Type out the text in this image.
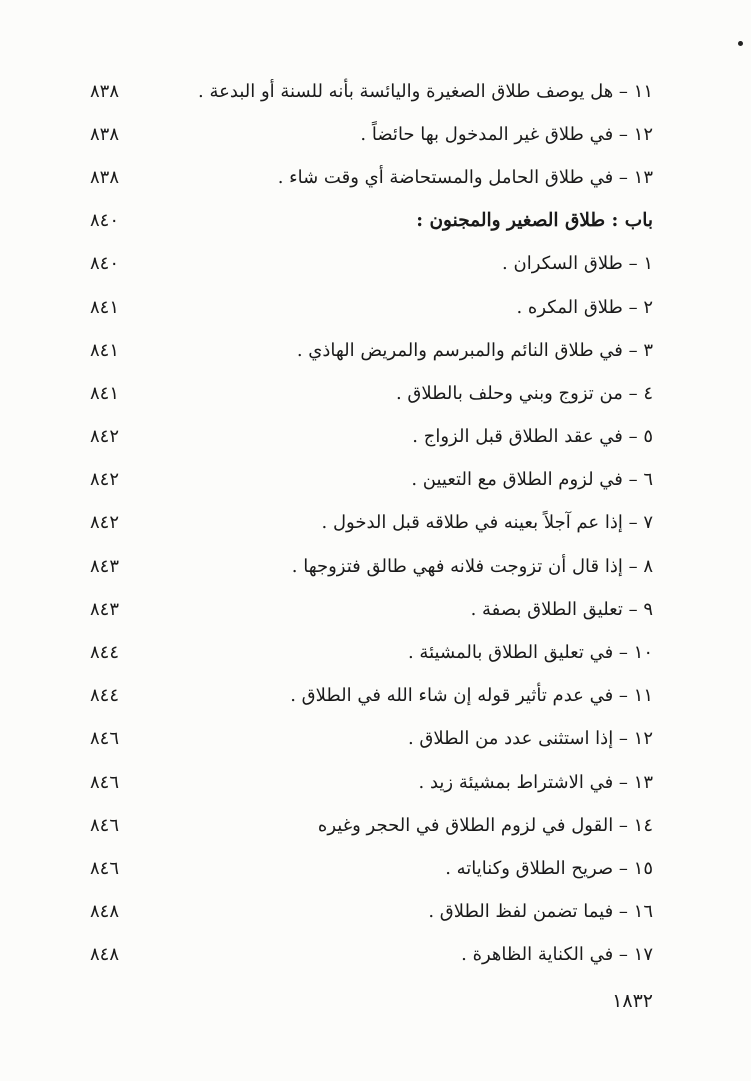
١١ – هل يوصف طلاق الصغيرة واليائسة بأنه للسنة أو البدعة .
٨٣٨
١٢ – في طلاق غير المدخول بها حائضاً .
٨٣٨
١٣ – في طلاق الحامل والمستحاضة أي وقت شاء .
٨٣٨
باب : طلاق الصغير والمجنون :
٨٤٠
١ – طلاق السكران .
٨٤٠
٢ – طلاق المكره .
٨٤١
٣ – في طلاق النائم والمبرسم والمريض الهاذي .
٨٤١
٤ – من تزوج وبني وحلف بالطلاق .
٨٤١
٥ – في عقد الطلاق قبل الزواج .
٨٤٢
٦ – في لزوم الطلاق مع التعيين .
٨٤٢
٧ – إذا عم آجلاً بعينه في طلاقه قبل الدخول .
٨٤٢
٨ – إذا قال أن تزوجت فلانه فهي طالق فتزوجها .
٨٤٣
٩ – تعليق الطلاق بصفة .
٨٤٣
١٠ – في تعليق الطلاق بالمشيئة .
٨٤٤
١١ – في عدم تأثير قوله إن شاء الله في الطلاق .
٨٤٤
١٢ – إذا استثنى عدد من الطلاق .
٨٤٦
١٣ – في الاشتراط بمشيئة زيد .
٨٤٦
١٤ – القول في لزوم الطلاق في الحجر وغيره
٨٤٦
١٥ – صريح الطلاق وكناياته .
٨٤٦
١٦ – فيما تضمن لفظ الطلاق .
٨٤٨
١٧ – في الكناية الظاهرة .
٨٤٨
١٨٣٢
